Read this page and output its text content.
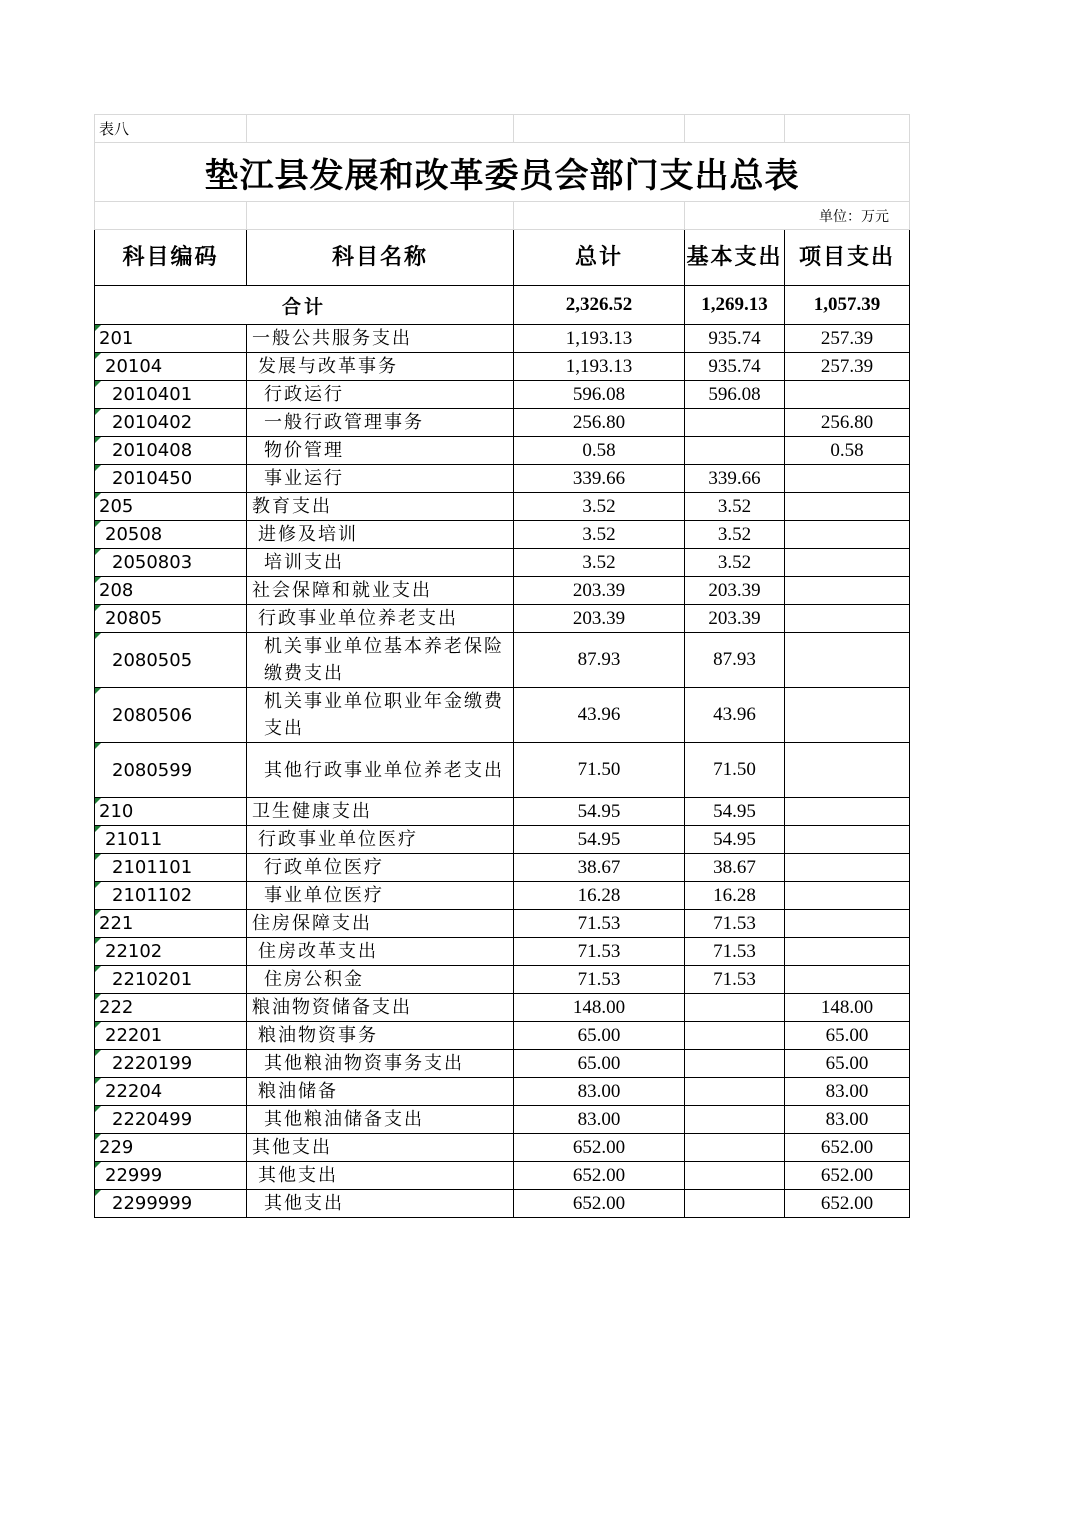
表八				
垫江县发展和改革委员会部门支出总表				
			单位：万元	
科目编码	科目名称	总计	基本支出	项目支出
合计		2,326.52	1,269.13	1,057.39
201	一般公共服务支出	1,193.13	935.74	257.39
20104	发展与改革事务	1,193.13	935.74	257.39
2010401	行政运行	596.08	596.08	
2010402	一般行政管理事务	256.80		256.80
2010408	物价管理	0.58		0.58
2010450	事业运行	339.66	339.66	
205	教育支出	3.52	3.52	
20508	进修及培训	3.52	3.52	
2050803	培训支出	3.52	3.52	
208	社会保障和就业支出	203.39	203.39	
20805	行政事业单位养老支出	203.39	203.39	
2080505	机关事业单位基本养老保险缴费支出	87.93	87.93	
2080506	机关事业单位职业年金缴费支出	43.96	43.96	
2080599	其他行政事业单位养老支出	71.50	71.50	
210	卫生健康支出	54.95	54.95	
21011	行政事业单位医疗	54.95	54.95	
2101101	行政单位医疗	38.67	38.67	
2101102	事业单位医疗	16.28	16.28	
221	住房保障支出	71.53	71.53	
22102	住房改革支出	71.53	71.53	
2210201	住房公积金	71.53	71.53	
222	粮油物资储备支出	148.00		148.00
22201	粮油物资事务	65.00		65.00
2220199	其他粮油物资事务支出	65.00		65.00
22204	粮油储备	83.00		83.00
2220499	其他粮油储备支出	83.00		83.00
229	其他支出	652.00		652.00
22999	其他支出	652.00		652.00
2299999	其他支出	652.00		652.00
